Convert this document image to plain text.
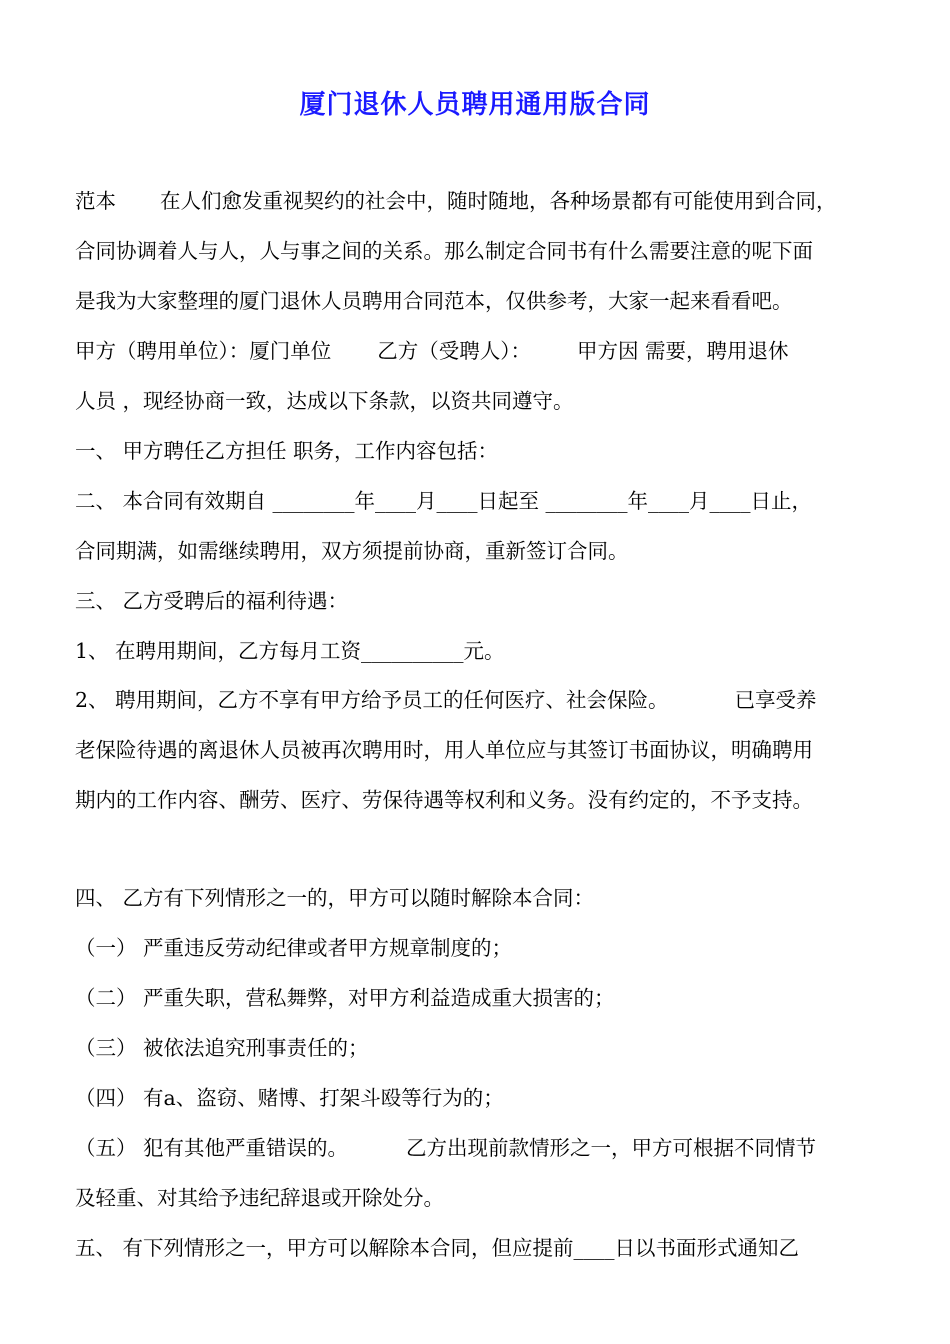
厦门退休人员聘用通用版合同
范本 在人们愈发重视契约的社会中，随时随地，各种场景都有可能使用到合同，
合同协调着人与人，人与事之间的关系。那么制定合同书有什么需要注意的呢下面
是我为大家整理的厦门退休人员聘用合同范本，仅供参考，大家一起来看看吧。
甲方（聘用单位）：厦门单位 乙方（受聘人）： 甲方因 需要，聘用退休
人员 ，现经协商一致，达成以下条款，以资共同遵守。
一、 甲方聘任乙方担任 职务，工作内容包括：
二、 本合同有效期自 ________年____月____日起至 ________年____月____日止，
合同期满，如需继续聘用，双方须提前协商，重新签订合同。
三、 乙方受聘后的福利待遇：
1、 在聘用期间，乙方每月工资__________元。
2、 聘用期间，乙方不享有甲方给予员工的任何医疗、社会保险。	已享受养
老保险待遇的离退休人员被再次聘用时，用人单位应与其签订书面协议，明确聘用
期内的工作内容、酬劳、医疗、劳保待遇等权利和义务。没有约定的，不予支持。
四、 乙方有下列情形之一的，甲方可以随时解除本合同：
（一） 严重违反劳动纪律或者甲方规章制度的；
（二） 严重失职，营私舞弊，对甲方利益造成重大损害的；
（三） 被依法追究刑事责任的；
（四） 有a、盗窃、赌博、打架斗殴等行为的；
（五） 犯有其他严重错误的。	乙方出现前款情形之一，甲方可根据不同情节
及轻重、对其给予违纪辞退或开除处分。
五、 有下列情形之一，甲方可以解除本合同，但应提前____日以书面形式通知乙
